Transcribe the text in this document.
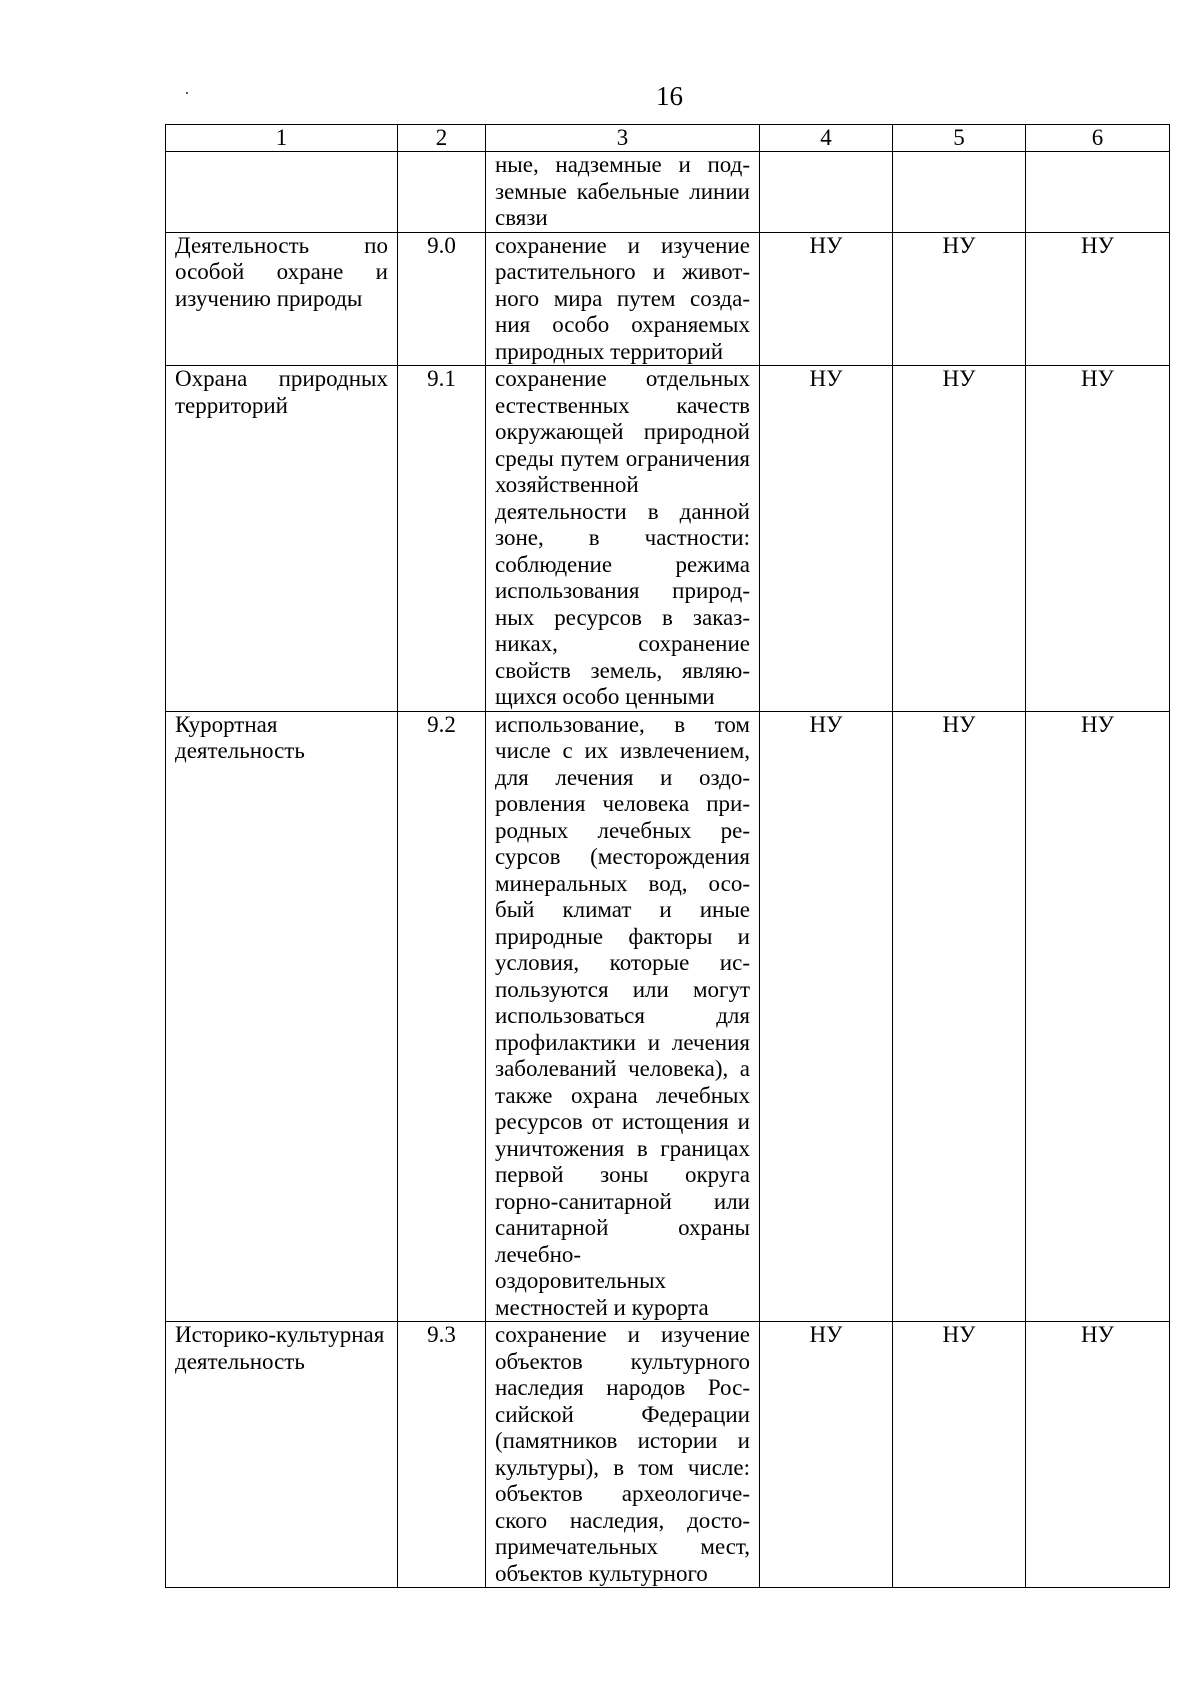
16
1	2	3	4	5	6
		ные, надземные и подземные кабельные линии связи			
Деятельность по особой охране и изучению природы	9.0	сохранение и изучение растительного и животного мира путем создания особо охраняемых природных территорий	НУ	НУ	НУ
Охрана природных территорий	9.1	сохранение отдельных естественных качеств окружающей природной среды путем ограничения хозяйственной деятельности в данной зоне, в частности: соблюдение режима использования природных ресурсов в заказниках, сохранение свойств земель, являющихся особо ценными	НУ	НУ	НУ
Курортная деятельность	9.2	использование, в том числе с их извлечением, для лечения и оздоровления человека природных лечебных ресурсов (месторождения минеральных вод, особый климат и иные природные факторы и условия, которые используются или могут использоваться для профилактики и лечения заболеваний человека), а также охрана лечебных ресурсов от истощения и уничтожения в границах первой зоны округа горно-санитарной или санитарной охраны лечебно-оздоровительных местностей и курорта	НУ	НУ	НУ
Историко-культурная деятельность	9.3	сохранение и изучение объектов культурного наследия народов Российской Федерации (памятников истории и культуры), в том числе: объектов археологического наследия, достопримечательных мест, объектов культурного	НУ	НУ	НУ
